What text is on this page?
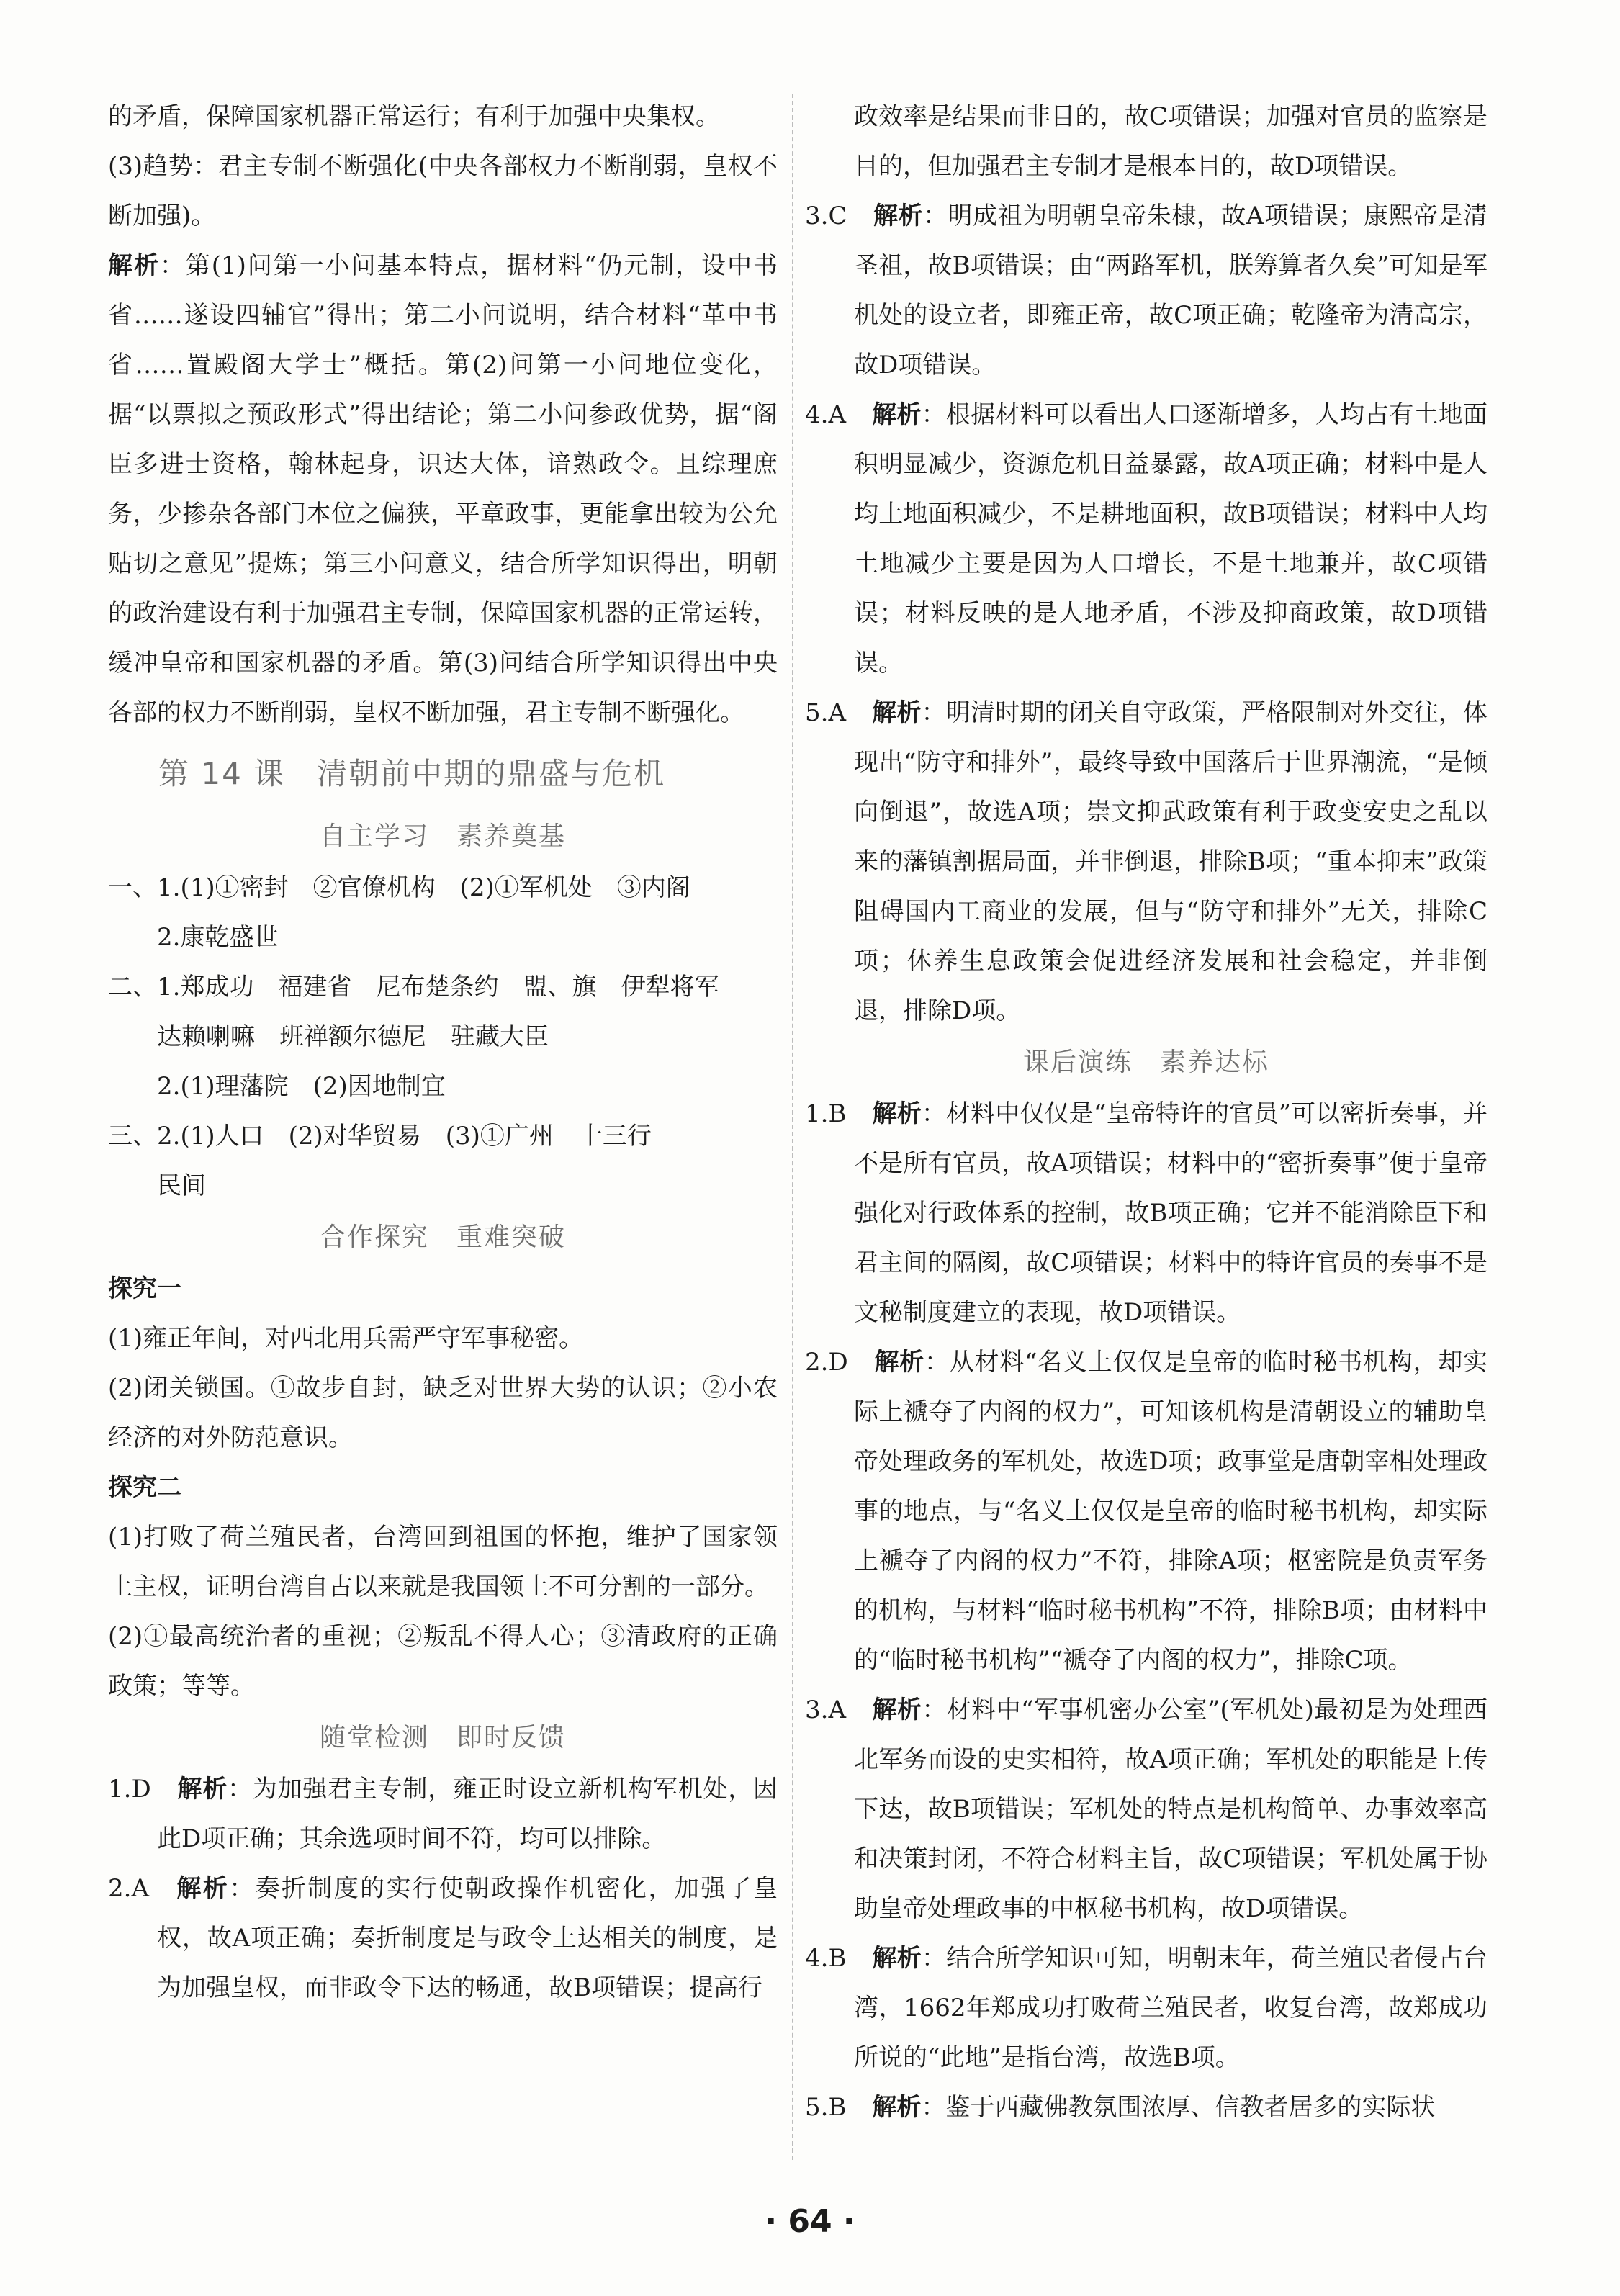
的矛盾，保障国家机器正常运行；有利于加强中央集权。

(3)趋势：君主专制不断强化(中央各部权力不断削弱，皇权不断加强)。

解析：第(1)问第一小问基本特点，据材料“仍元制，设中书省……遂设四辅官”得出；第二小问说明，结合材料“革中书省……置殿阁大学士”概括。第(2)问第一小问地位变化，据“以票拟之预政形式”得出结论；第二小问参政优势，据“阁臣多进士资格，翰林起身，识达大体，谙熟政令。且综理庶务，少掺杂各部门本位之偏狭，平章政事，更能拿出较为公允贴切之意见”提炼；第三小问意义，结合所学知识得出，明朝的政治建设有利于加强君主专制，保障国家机器的正常运转，缓冲皇帝和国家机器的矛盾。第(3)问结合所学知识得出中央各部的权力不断削弱，皇权不断加强，君主专制不断强化。

第 14 课　清朝前中期的鼎盛与危机
自主学习　素养奠基

一、1.(1)①密封　②官僚机构　(2)①军机处　③内阁

2.康乾盛世

二、1.郑成功　福建省　尼布楚条约　盟、旗　伊犁将军

达赖喇嘛　班禅额尔德尼　驻藏大臣

2.(1)理藩院　(2)因地制宜

三、2.(1)人口　(2)对华贸易　(3)①广州　十三行

民间

合作探究　重难突破

探究一

(1)雍正年间，对西北用兵需严守军事秘密。

(2)闭关锁国。①故步自封，缺乏对世界大势的认识；②小农经济的对外防范意识。

探究二

(1)打败了荷兰殖民者，台湾回到祖国的怀抱，维护了国家领土主权，证明台湾自古以来就是我国领土不可分割的一部分。

(2)①最高统治者的重视；②叛乱不得人心；③清政府的正确政策；等等。

随堂检测　即时反馈

1.D 解析：为加强君主专制，雍正时设立新机构军机处，因此D项正确；其余选项时间不符，均可以排除。

2.A 解析：奏折制度的实行使朝政操作机密化，加强了皇权，故A项正确；奏折制度是与政令上达相关的制度，是为加强皇权，而非政令下达的畅通，故B项错误；提高行

政效率是结果而非目的，故C项错误；加强对官员的监察是目的，但加强君主专制才是根本目的，故D项错误。

3.C 解析：明成祖为明朝皇帝朱棣，故A项错误；康熙帝是清圣祖，故B项错误；由“两路军机，朕筹算者久矣”可知是军机处的设立者，即雍正帝，故C项正确；乾隆帝为清高宗，故D项错误。

4.A 解析：根据材料可以看出人口逐渐增多，人均占有土地面积明显减少，资源危机日益暴露，故A项正确；材料中是人均土地面积减少，不是耕地面积，故B项错误；材料中人均土地减少主要是因为人口增长，不是土地兼并，故C项错误；材料反映的是人地矛盾，不涉及抑商政策，故D项错误。

5.A 解析：明清时期的闭关自守政策，严格限制对外交往，体现出“防守和排外”，最终导致中国落后于世界潮流，“是倾向倒退”，故选A项；崇文抑武政策有利于政变安史之乱以来的藩镇割据局面，并非倒退，排除B项；“重本抑末”政策阻碍国内工商业的发展，但与“防守和排外”无关，排除C项；休养生息政策会促进经济发展和社会稳定，并非倒退，排除D项。

课后演练　素养达标

1.B 解析：材料中仅仅是“皇帝特许的官员”可以密折奏事，并不是所有官员，故A项错误；材料中的“密折奏事”便于皇帝强化对行政体系的控制，故B项正确；它并不能消除臣下和君主间的隔阂，故C项错误；材料中的特许官员的奏事不是文秘制度建立的表现，故D项错误。

2.D 解析：从材料“名义上仅仅是皇帝的临时秘书机构，却实际上褫夺了内阁的权力”，可知该机构是清朝设立的辅助皇帝处理政务的军机处，故选D项；政事堂是唐朝宰相处理政事的地点，与“名义上仅仅是皇帝的临时秘书机构，却实际上褫夺了内阁的权力”不符，排除A项；枢密院是负责军务的机构，与材料“临时秘书机构”不符，排除B项；由材料中的“临时秘书机构”“褫夺了内阁的权力”，排除C项。

3.A 解析：材料中“军事机密办公室”(军机处)最初是为处理西北军务而设的史实相符，故A项正确；军机处的职能是上传下达，故B项错误；军机处的特点是机构简单、办事效率高和决策封闭，不符合材料主旨，故C项错误；军机处属于协助皇帝处理政事的中枢秘书机构，故D项错误。

4.B 解析：结合所学知识可知，明朝末年，荷兰殖民者侵占台湾，1662年郑成功打败荷兰殖民者，收复台湾，故郑成功所说的“此地”是指台湾，故选B项。

5.B 解析：鉴于西藏佛教氛围浓厚、信教者居多的实际状

· 64 ·
